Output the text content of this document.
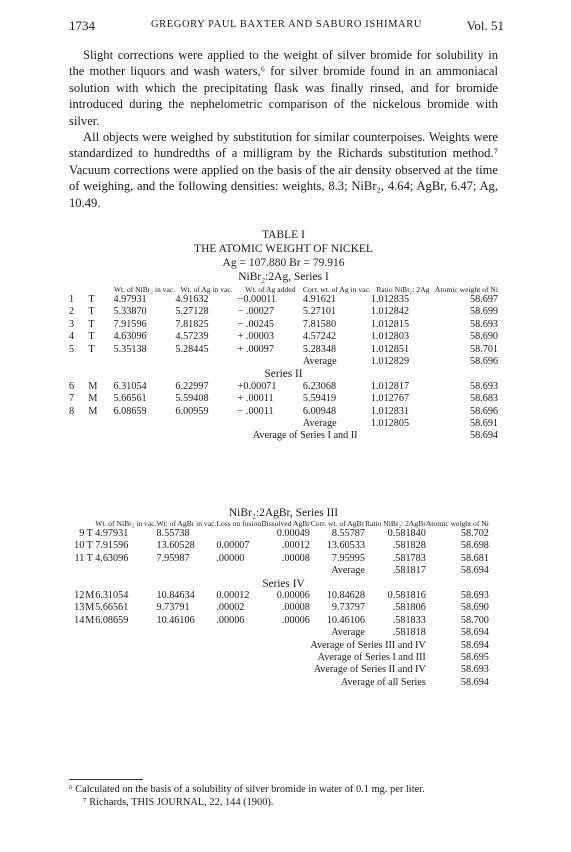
1734	GREGORY PAUL BAXTER AND SABURO ISHIMARU	Vol. 51

Slight corrections were applied to the weight of silver bromide for solubility in the mother liquors and wash waters,⁶ for silver bromide found in an ammoniacal solution with which the precipitating flask was finally rinsed, and for bromide introduced during the nephelometric comparison of the nickelous bromide with silver.

All objects were weighed by substitution for similar counterpoises. Weights were standardized to hundredths of a milligram by the Richards substitution method.⁷ Vacuum corrections were applied on the basis of the air density observed at the time of weighing, and the following densities: weights, 8.3; NiBr₂, 4.64; AgBr, 6.47; Ag, 10.49.

TABLE I
THE ATOMIC WEIGHT OF NICKEL
Ag = 107.880 Br = 79.916
NiBr₂:2Ag, Series I
		Wt. of NiBr₂ in vac.	Wt. of Ag in vac.	Wt. of Ag added	Corr. wt. of Ag in vac.	Ratio NiBr₂: 2Ag	Atomic weight of Ni
1	T	4.97931	4.91632	−0.00011	4.91621	1.012835	58.697
2	T	5.33870	5.27128	− .00027	5.27101	1.012842	58.699
3	T	7.91596	7.81825	− .00245	7.81580	1.012815	58.693
4	T	4.63096	4.57239	+ .00003	4.57242	1.012803	58.690
5	T	5.35138	5.28445	+ .00097	5.28348	1.012851	58.701
					Average	1.012829	58.696
Series II							
6	M	6.31054	6.22997	+0.00071	6.23068	1.012817	58.693
7	M	5.66561	5.59408	+ .00011	5.59419	1.012767	58.683
8	M	6.08659	6.00959	− .00011	6.00948	1.012831	58.696
					Average	1.012805	58.691
			Average of Series I and II				58.694
NiBr₂:2AgBr, Series III
		Wt. of NiBr₂ in vac.	Wt. of AgBr in vac.	Loss on fusion	Dissolved AgBr	Corr. wt. of AgBr	Ratio NiBr₂: 2AgBr	Atomic weight of Ni	
9	T	4.97931	8.55738		0.00049	8.55787	0.581840	58.702	
10	T	7.91596	13.60528	0.00007	.00012	13.60533	.581828	58.698	
11	T	4.63096	7.95987	.00000	.00008	7.95995	.581783	58.681	
						Average	.581817	58.694	
Series IV									
12	M	6.31054	10.84634	0.00012	0.00006	10.84628	0.581816	58.693	
13	M	5.66561	9.73791	.00002	.00008	9.73797	.581806	58.690	
14	M	6.08659	10.46106	.00006	.00006	10.46106	.581833	58.700	
						Average	.581818	58.694	
					Average of Series III and IV			58.694	
					Average of Series I and III			58.695	
					Average of Series II and IV			58.693	
					Average of all Series			58.694	

⁶ Calculated on the basis of a solubility of silver bromide in water of 0.1 mg. per liter.

⁷ Richards, THIS JOURNAL, 22, 144 (1900).
